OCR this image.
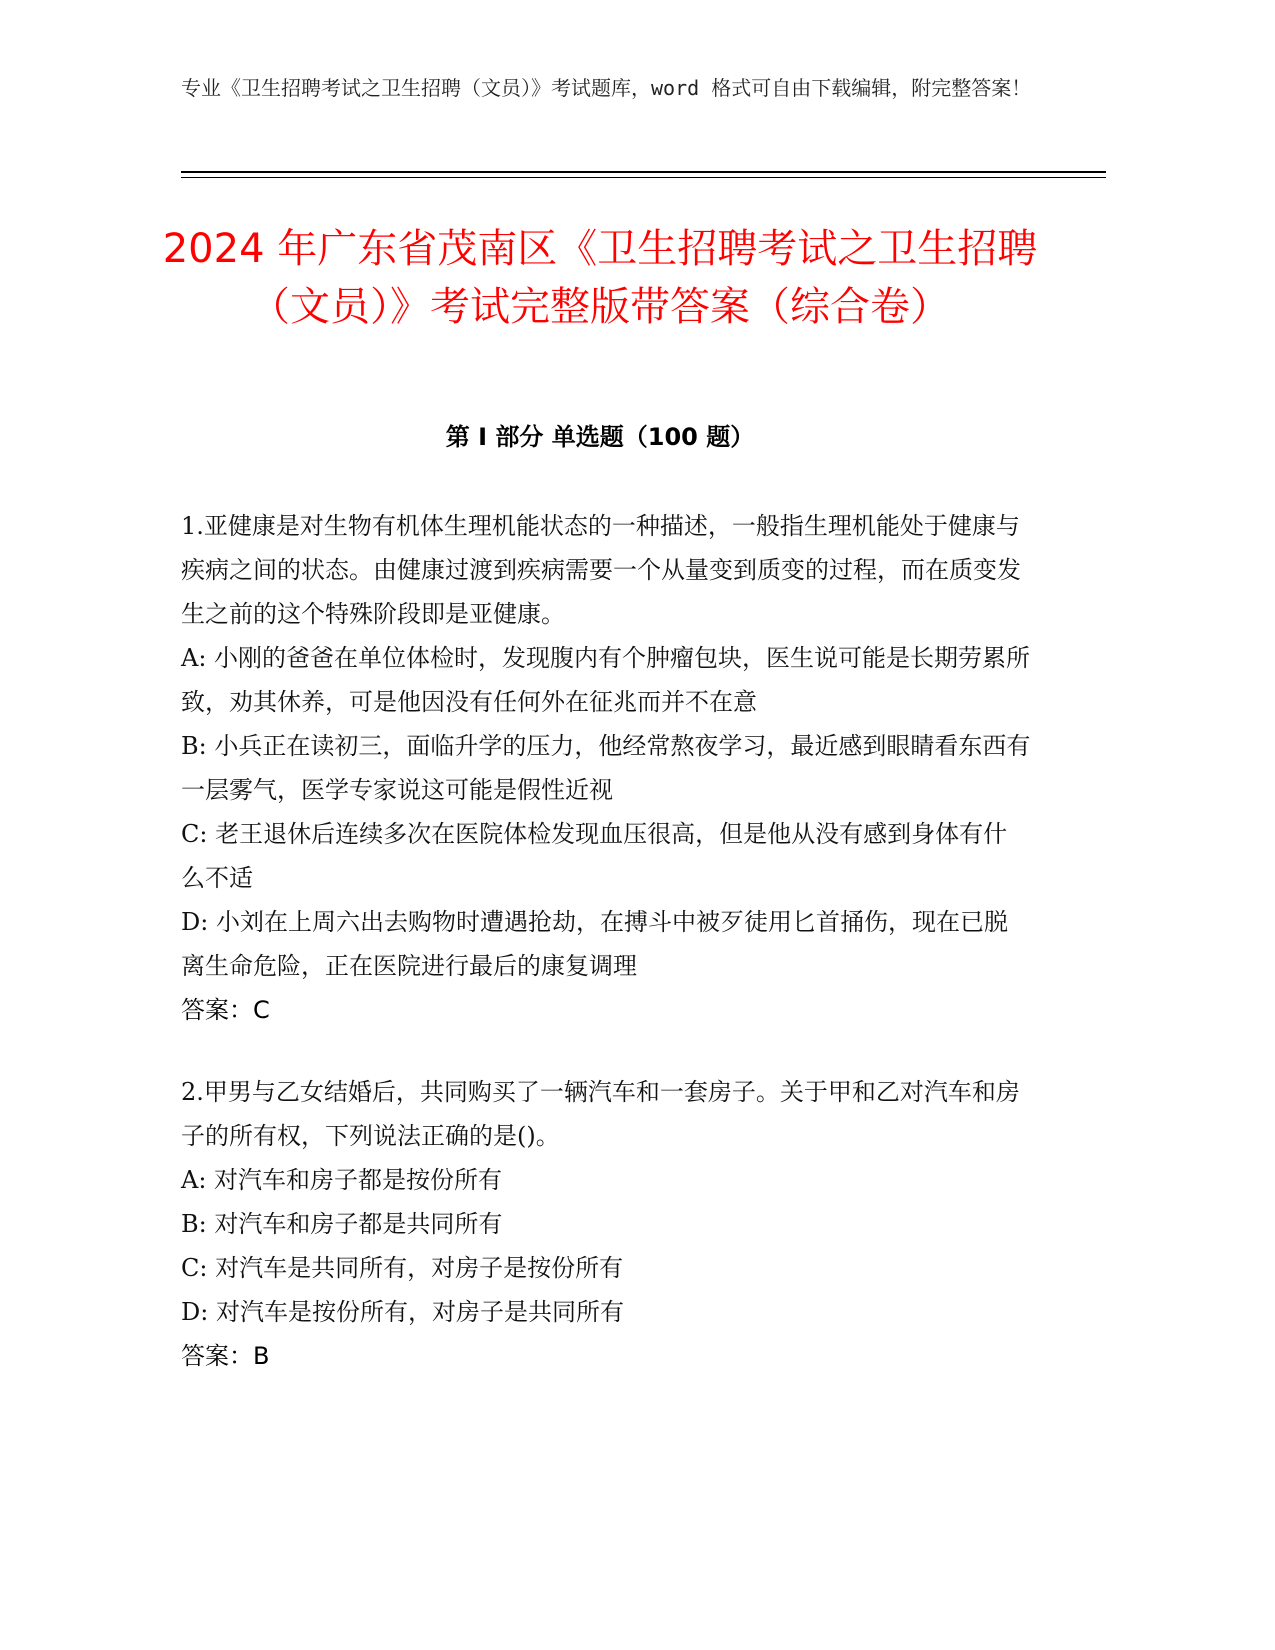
专业《卫生招聘考试之卫生招聘（文员）》考试题库，word 格式可自由下载编辑，附完整答案！
2024 年广东省茂南区《卫生招聘考试之卫生招聘（文员）》考试完整版带答案（综合卷）
第 I 部分 单选题（100 题）

1.亚健康是对生物有机体生理机能状态的一种描述，一般指生理机能处于健康与疾病之间的状态。由健康过渡到疾病需要一个从量变到质变的过程，而在质变发生之前的这个特殊阶段即是亚健康。

A: 小刚的爸爸在单位体检时，发现腹内有个肿瘤包块，医生说可能是长期劳累所致，劝其休养，可是他因没有任何外在征兆而并不在意

B: 小兵正在读初三，面临升学的压力，他经常熬夜学习，最近感到眼睛看东西有一层雾气，医学专家说这可能是假性近视

C: 老王退休后连续多次在医院体检发现血压很高，但是他从没有感到身体有什么不适

D: 小刘在上周六出去购物时遭遇抢劫，在搏斗中被歹徒用匕首捅伤，现在已脱离生命危险，正在医院进行最后的康复调理

答案：C

2.甲男与乙女结婚后，共同购买了一辆汽车和一套房子。关于甲和乙对汽车和房子的所有权，下列说法正确的是()。

A: 对汽车和房子都是按份所有

B: 对汽车和房子都是共同所有

C: 对汽车是共同所有，对房子是按份所有

D: 对汽车是按份所有，对房子是共同所有

答案：B
